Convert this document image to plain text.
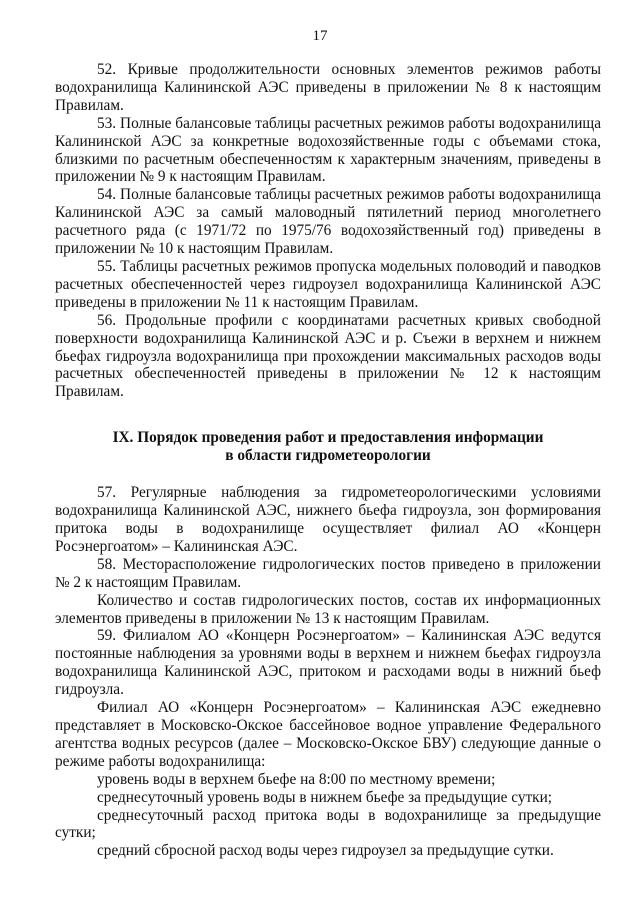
17

52. Кривые продолжительности основных элементов режимов работы водохранилища Калининской АЭС приведены в приложении № 8 к настоящим Правилам.

53. Полные балансовые таблицы расчетных режимов работы водохранилища Калининской АЭС за конкретные водохозяйственные годы с объемами стока, близкими по расчетным обеспеченностям к характерным значениям, приведены в приложении № 9 к настоящим Правилам.

54. Полные балансовые таблицы расчетных режимов работы водохранилища Калининской АЭС за самый маловодный пятилетний период многолетнего расчетного ряда (с 1971/72 по 1975/76 водохозяйственный год) приведены в приложении № 10 к настоящим Правилам.

55. Таблицы расчетных режимов пропуска модельных половодий и паводков расчетных обеспеченностей через гидроузел водохранилища Калининской АЭС приведены в приложении № 11 к настоящим Правилам.

56. Продольные профили с координатами расчетных кривых свободной поверхности водохранилища Калининской АЭС и р. Съежи в верхнем и нижнем бьефах гидроузла водохранилища при прохождении максимальных расходов воды расчетных обеспеченностей приведены в приложении № 12 к настоящим Правилам.

IX. Порядок проведения работ и предоставления информации
в области гидрометеорологии

57. Регулярные наблюдения за гидрометеорологическими условиями водохранилища Калининской АЭС, нижнего бьефа гидроузла, зон формирования притока воды в водохранилище осуществляет филиал АО «Концерн Росэнергоатом» – Калининская АЭС.

58. Месторасположение гидрологических постов приведено в приложении № 2 к настоящим Правилам.

Количество и состав гидрологических постов, состав их информационных элементов приведены в приложении № 13 к настоящим Правилам.

59. Филиалом АО «Концерн Росэнергоатом» – Калининская АЭС ведутся постоянные наблюдения за уровнями воды в верхнем и нижнем бьефах гидроузла водохранилища Калининской АЭС, притоком и расходами воды в нижний бьеф гидроузла.

Филиал АО «Концерн Росэнергоатом» – Калининская АЭС ежедневно представляет в Московско-Окское бассейновое водное управление Федерального агентства водных ресурсов (далее – Московско-Окское БВУ) следующие данные о режиме работы водохранилища:

уровень воды в верхнем бьефе на 8:00 по местному времени;

среднесуточный уровень воды в нижнем бьефе за предыдущие сутки;

среднесуточный расход притока воды в водохранилище за предыдущие сутки;

средний сбросной расход воды через гидроузел за предыдущие сутки.
